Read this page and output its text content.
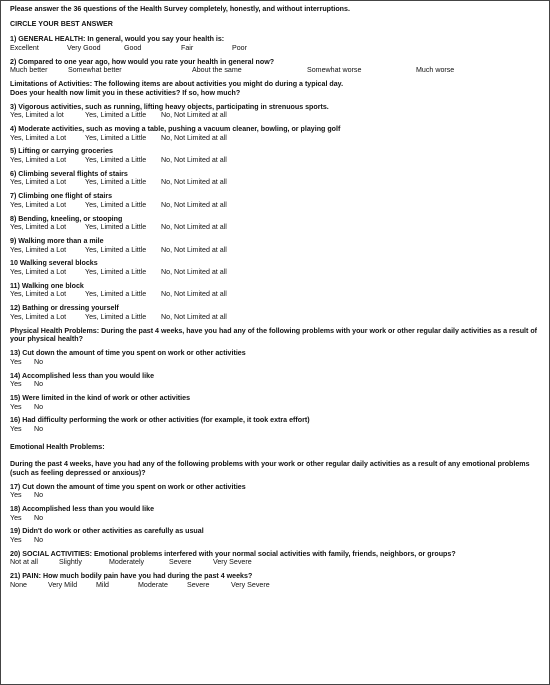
Please answer the 36 questions of the Health Survey completely, honestly, and without interruptions.

CIRCLE YOUR BEST ANSWER

1) GENERAL HEALTH: In general, would you say your health is:
Excellent	Very Good	Good	Fair	Poor
2) Compared to one year ago, how would you rate your health in general now?
Much better	Somewhat better	About the same	Somewhat worse	Much worse
Limitations of Activities: The following items are about activities you might do during a typical day.
Does your health now limit you in these activities? If so, how much?
3) Vigorous activities, such as running, lifting heavy objects, participating in strenuous sports.
Yes, Limited a lot	Yes, Limited a Little No, Not Limited at all
4) Moderate activities, such as moving a table, pushing a vacuum cleaner, bowling, or playing golf
Yes, Limited a Lot	Yes, Limited a Little No, Not Limited at all
5) Lifting or carrying groceries
Yes, Limited a Lot	Yes, Limited a Little No, Not Limited at all
6) Climbing several flights of stairs
Yes, Limited a Lot	Yes, Limited a Little No, Not Limited at all
7) Climbing one flight of stairs
Yes, Limited a Lot	Yes, Limited a Little No, Not Limited at all
8) Bending, kneeling, or stooping
Yes, Limited a Lot	Yes, Limited a Little No, Not Limited at all
9) Walking more than a mile
Yes, Limited a Lot	Yes, Limited a Little No, Not Limited at all
10 Walking several blocks
Yes, Limited a Lot	Yes, Limited a Little No, Not Limited at all
11) Walking one block
Yes, Limited a Lot	Yes, Limited a Little No, Not Limited at all
12) Bathing or dressing yourself
Yes, Limited a Lot	Yes, Limited a Little No, Not Limited at all
Physical Health Problems: During the past 4 weeks, have you had any of the following problems with your work or other regular daily activities as a result of your physical health?
13) Cut down the amount of time you spent on work or other activities
Yes No
14) Accomplished less than you would like
Yes No
15) Were limited in the kind of work or other activities
Yes No
16) Had difficulty performing the work or other activities (for example, it took extra effort)
Yes No
Emotional Health Problems:
During the past 4 weeks, have you had any of the following problems with your work or other regular daily activities as a result of any emotional problems (such as feeling depressed or anxious)?
17) Cut down the amount of time you spent on work or other activities
Yes No
18) Accomplished less than you would like
Yes No
19) Didn't do work or other activities as carefully as usual
Yes No
20) SOCIAL ACTIVITIES: Emotional problems interfered with your normal social activities with family, friends, neighbors, or groups?
Not at all	Slightly	Moderately	Severe	Very Severe
21) PAIN: How much bodily pain have you had during the past 4 weeks?
None	Very Mild	Mild	Moderate	Severe	Very Severe
